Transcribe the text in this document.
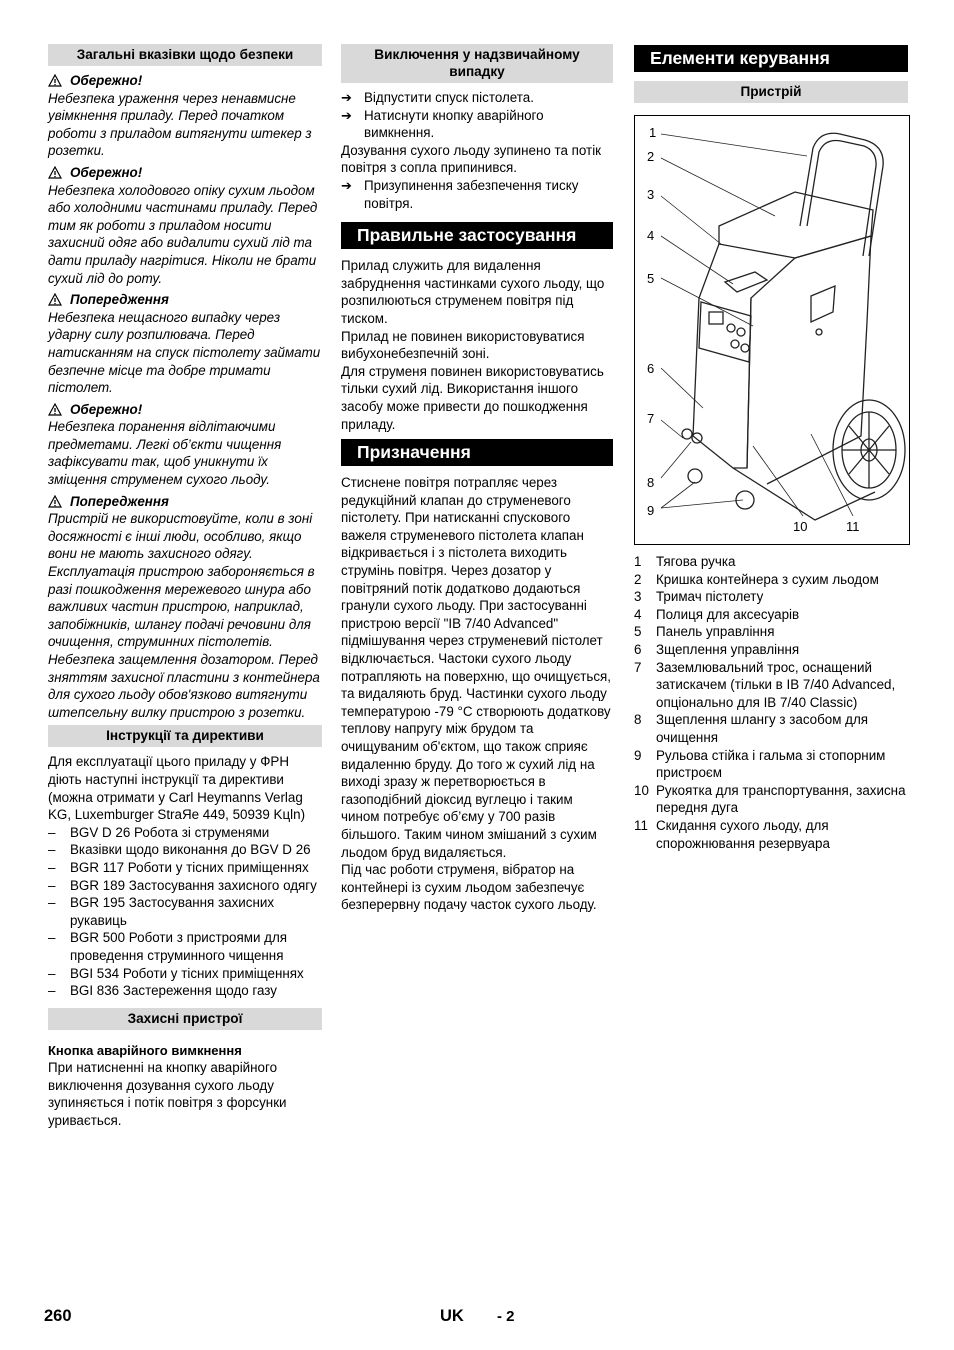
Загальні вказівки щодо безпеки
Обережно!
Небезпека ураження через ненавмисне увімкнення приладу. Перед початком роботи з приладом витягнути штекер з розетки.
Обережно!
Небезпека холодового опіку сухим льодом або холодними частинами приладу. Перед тим як роботи з приладом носити захисний одяг або видалити сухий лід та дати приладу нагрітися. Ніколи не брати сухий лід до роту.
Попередження
Небезпека нещасного випадку через ударну силу розпилювача. Перед натисканням на спуск пістолету займати безпечне місце та добре тримати пістолет.
Обережно!
Небезпека поранення відлітаючими предметами. Легкі об’єкти чищення зафіксувати так, щоб уникнути їх зміщення струменем сухого льоду.
Попередження
Пристрій не використовуйте, коли в зоні досяжності є інші люди, особливо, якщо вони не мають захисного одягу. Експлуатація пристрою забороняється в разі пошкодження мережевого шнура або важливих частин пристрою, наприклад, запобіжників, шлангу подачі речовини для очищення, струминних пістолетів. Небезпека защемлення дозатором. Перед зняттям захисної пластини з контейнера для сухого льоду обов'язково витягнути штепсельну вилку пристрою з розетки.
Інструкції та директиви

Для експлуатації цього приладу у ФРН діють наступні інструкції та директиви (можна отримати у Carl Heymanns Verlag KG, Luxemburger StraЯe 449, 50939 Kцln)

– BGV D 26 Робота зі струменями
– Вказівки щодо виконання до BGV D 26
– BGR 117 Роботи у тісних приміщеннях
– BGR 189 Застосування захисного одягу
– BGR 195 Застосування захисних рукавиць
– BGR 500 Роботи з пристроями для проведення струминного чищення
– BGI 534 Роботи у тісних приміщеннях
– BGI 836 Застереження щодо газу
Захисні пристрої
Кнопка аварійного вимкнення

При натисненні на кнопку аварійного виключення дозування сухого льоду зупиняється і потік повітря з форсунки уривається.

Виключення у надзвичайному випадку
➔ Відпустити спуск пістолета.
➔ Натиснути кнопку аварійного вимкнення.

Дозування сухого льоду зупинено та потік повітря з сопла припинився.

➔ Призупинення забезпечення тиску повітря.
Правильне застосування

Прилад служить для видалення забруднення частинками сухого льоду, що розпилюються струменем повітря під тиском.

Прилад не повинен використовуватися вибухонебезпечній зоні.

Для струменя повинен використовуватись тільки сухий лід. Використання іншого засобу може привести до пошкодження приладу.

Призначення

Стиснене повітря потрапляє через редукційний клапан до струменевого пістолету. При натисканні спускового важеля струменевого пістолета клапан відкривається і з пістолета виходить струмінь повітря. Через дозатор у повітряний потік додатково додаються гранули сухого льоду. При застосуванні пристрою версії "IB 7/40 Advanced" підмішування через струменевий пістолет відключається. Частоки сухого льоду потрапляють на поверхню, що очищується, та видаляють бруд. Частинки сухого льоду температурою -79 °C створюють додаткову теплову напругу між брудом та очищуваним об'єктом, що також сприяє видаленню бруду. До того ж сухий лід на виході зразу ж перетворюється в газоподібний діоксид вуглецю і таким чином потребує об’єму у 700 разів більшого. Таким чином змішаний з сухим льодом бруд видаляється.

Під час роботи струменя, вібратор на контейнері із сухим льодом забезпечує безперервну подачу часток сухого льоду.

Елементи керування
Пристрій
1
2
3
4
5
6
7
8
9
10	11
1	Тягова ручка
2	Кришка контейнера з сухим льодом
3	Тримач пістолету
4	Полиця для аксесуарів
5	Панель управління
6	Зщеплення управління
7	Заземлювальний трос, оснащений затискачем (тільки в IB 7/40 Advanced, опціонально для IB 7/40 Classic)
8	Зщеплення шлангу з засобом для очищення
9	Рульова стійка і гальма зі стопорним пристроєм
10 Рукоятка для транспортування, захисна передня дуга
11 Скидання сухого льоду, для спорожнювання резервуара
260	UK - 2
